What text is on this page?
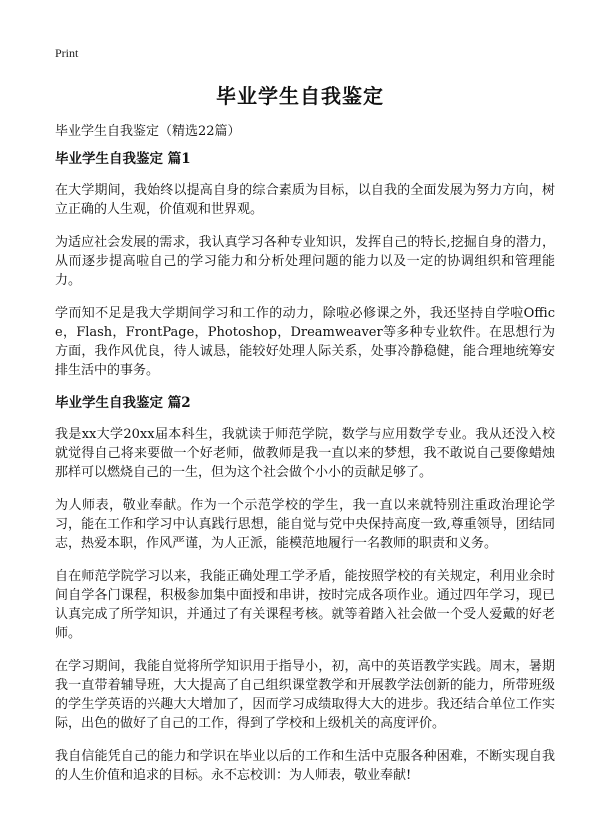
Print
毕业学生自我鉴定
毕业学生自我鉴定（精选22篇）
毕业学生自我鉴定 篇1

在大学期间，我始终以提高自身的综合素质为目标，以自我的全面发展为努力方向，树立正确的人生观，价值观和世界观。

为适应社会发展的需求，我认真学习各种专业知识，发挥自己的特长,挖掘自身的潜力，从而逐步提高啦自己的学习能力和分析处理问题的能力以及一定的协调组织和管理能力。

学而知不足是我大学期间学习和工作的动力，除啦必修课之外，我还坚持自学啦Office，Flash，FrontPage，Photoshop，Dreamweaver等多种专业软件。在思想行为方面，我作风优良，待人诚恳，能较好处理人际关系，处事冷静稳健，能合理地统筹安排生活中的事务。

毕业学生自我鉴定 篇2

我是xx大学20xx届本科生，我就读于师范学院，数学与应用数学专业。我从还没入校就觉得自己将来要做一个好老师，做教师是我一直以来的梦想，我不敢说自己要像蜡烛那样可以燃烧自己的一生，但为这个社会做个小小的贡献足够了。

为人师表，敬业奉献。作为一个示范学校的学生，我一直以来就特别注重政治理论学习，能在工作和学习中认真践行思想，能自觉与党中央保持高度一致,尊重领导，团结同志，热爱本职，作风严谨，为人正派，能模范地履行一名教师的职责和义务。

自在师范学院学习以来，我能正确处理工学矛盾，能按照学校的有关规定，利用业余时间自学各门课程，积极参加集中面授和串讲，按时完成各项作业。通过四年学习，现已认真完成了所学知识，并通过了有关课程考核。就等着踏入社会做一个受人爱戴的好老师。

在学习期间，我能自觉将所学知识用于指导小，初，高中的英语教学实践。周末，暑期我一直带着辅导班，大大提高了自己组织课堂教学和开展教学法创新的能力，所带班级的学生学英语的兴趣大大增加了，因而学习成绩取得大大的进步。我还结合单位工作实际，出色的做好了自己的工作，得到了学校和上级机关的高度评价。

我自信能凭自己的能力和学识在毕业以后的工作和生活中克服各种困难，不断实现自我的人生价值和追求的目标。永不忘校训：为人师表，敬业奉献!
